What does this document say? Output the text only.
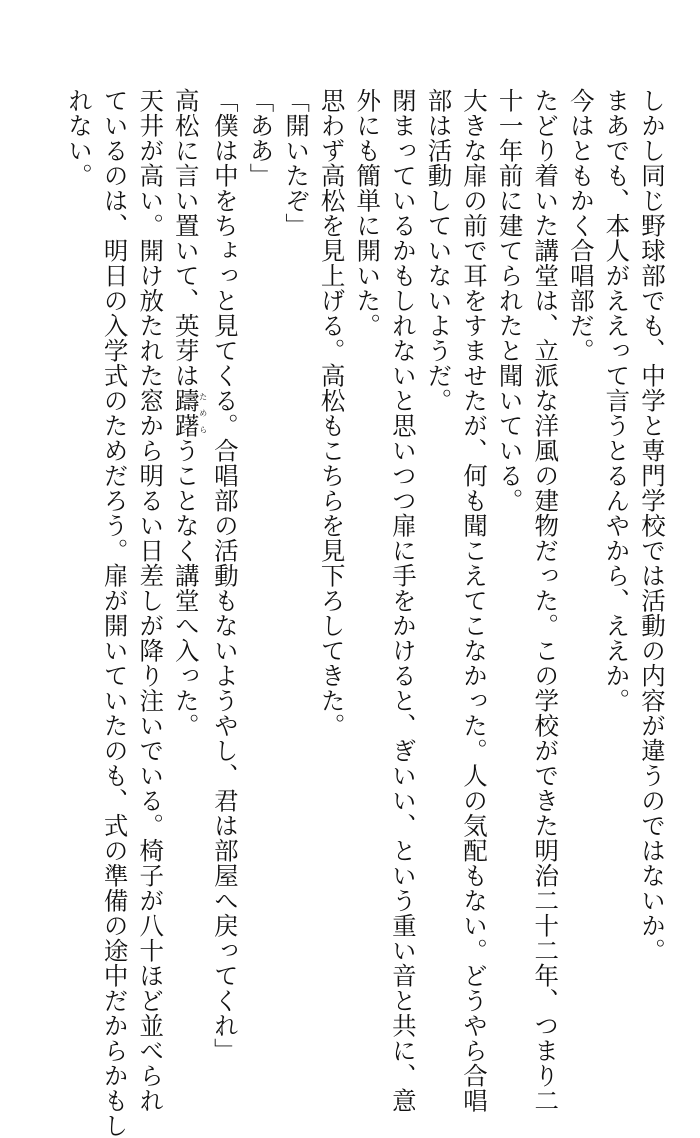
しかし同じ野球部でも、中学と専門学校では活動の内容が違うのではないか。
まあでも、本人がええって言うとるんやから、ええか。
今はともかく合唱部だ。
たどり着いた講堂は、立派な洋風の建物だった。この学校ができた明治二十二年、つまり二
十一年前に建てられたと聞いている。
大きな扉の前で耳をすませたが、何も聞こえてこなかった。人の気配もない。どうやら合唱
部は活動していないようだ。
閉まっているかもしれないと思いつつ扉に手をかけると、ぎいい、という重い音と共に、意
外にも簡単に開いた。
思わず高松を見上げる。高松もこちらを見下ろしてきた。
「開いたぞ」
「ああ」
「僕は中をちょっと見てくる。合唱部の活動もないようやし、君は部屋へ戻ってくれ」
高松に言い置いて、英芽は躊躇ためらうことなく講堂へ入った。
天井が高い。開け放たれた窓から明るい日差しが降り注いでいる。椅子が八十ほど並べられ
ているのは、明日の入学式のためだろう。扉が開いていたのも、式の準備の途中だからかもし
れない。
